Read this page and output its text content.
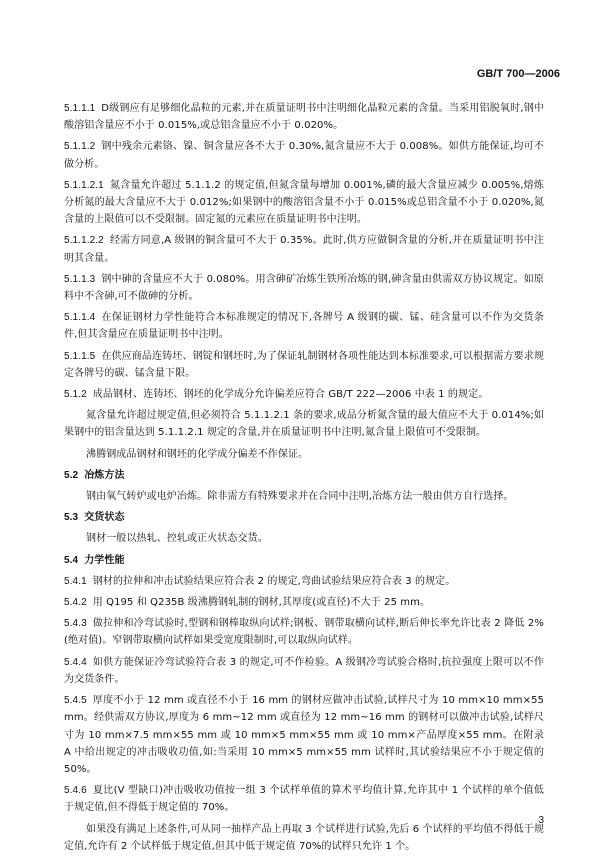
GB/T 700—2006
5.1.1.1 D级钢应有足够细化晶粒的元素,并在质量证明书中注明细化晶粒元素的含量。当采用铝脱氧时,钢中酸溶铝含量应不小于 0.015%,或总铝含量应不小于 0.020%。
5.1.1.2 钢中残余元素铬、镍、铜含量应各不大于 0.30%,氮含量应不大于 0.008%。如供方能保证,均可不做分析。
5.1.1.2.1 氮含量允许超过 5.1.1.2 的规定值,但氮含量每增加 0.001%,磷的最大含量应减少 0.005%,熔炼分析氮的最大含量应不大于 0.012%;如果钢中的酸溶铝含量不小于 0.015%或总铝含量不小于 0.020%,氮含量的上限值可以不受限制。固定氮的元素应在质量证明书中注明。
5.1.1.2.2 经需方同意,A 级钢的铜含量可不大于 0.35%。此时,供方应做铜含量的分析,并在质量证明书中注明其含量。
5.1.1.3 钢中砷的含量应不大于 0.080%。用含砷矿冶炼生铁所冶炼的钢,砷含量由供需双方协议规定。如原料中不含砷,可不做砷的分析。
5.1.1.4 在保证钢材力学性能符合本标准规定的情况下,各牌号 A 级钢的碳、锰、硅含量可以不作为交货条件,但其含量应在质量证明书中注明。
5.1.1.5 在供应商品连铸坯、钢锭和钢坯时,为了保证轧制钢材各项性能达到本标准要求,可以根据需方要求规定各牌号的碳、锰含量下限。
5.1.2 成品钢材、连铸坯、钢坯的化学成分允许偏差应符合 GB/T 222—2006 中表 1 的规定。
氮含量允许超过规定值,但必须符合 5.1.1.2.1 条的要求,成品分析氮含量的最大值应不大于 0.014%;如果钢中的铝含量达到 5.1.1.2.1 规定的含量,并在质量证明书中注明,氮含量上限值可不受限制。
沸腾钢成品钢材和钢坯的化学成分偏差不作保证。
5.2 冶炼方法
钢由氧气转炉或电炉冶炼。除非需方有特殊要求并在合同中注明,冶炼方法一般由供方自行选择。
5.3 交货状态
钢材一般以热轧、控轧或正火状态交货。
5.4 力学性能
5.4.1 钢材的拉伸和冲击试验结果应符合表 2 的规定,弯曲试验结果应符合表 3 的规定。
5.4.2 用 Q195 和 Q235B 级沸腾钢轧制的钢材,其厚度(或直径)不大于 25 mm。
5.4.3 做拉伸和冷弯试验时,型钢和钢棒取纵向试样;钢板、钢带取横向试样,断后伸长率允许比表 2 降低 2%(绝对值)。窄钢带取横向试样如果受宽度限制时,可以取纵向试样。
5.4.4 如供方能保证冷弯试验符合表 3 的规定,可不作检验。A 级钢冷弯试验合格时,抗拉强度上限可以不作为交货条件。
5.4.5 厚度不小于 12 mm 或直径不小于 16 mm 的钢材应做冲击试验,试样尺寸为 10 mm×10 mm×55 mm。经供需双方协议,厚度为 6 mm~12 mm 或直径为 12 mm~16 mm 的钢材可以做冲击试验,试样尺寸为 10 mm×7.5 mm×55 mm 或 10 mm×5 mm×55 mm 或 10 mm×产品厚度×55 mm。在附录 A 中给出规定的冲击吸收功值,如:当采用 10 mm×5 mm×55 mm 试样时,其试验结果应不小于规定值的 50%。
5.4.6 夏比(V 型缺口)冲击吸收功值按一组 3 个试样单值的算术平均值计算,允许其中 1 个试样的单个值低于规定值,但不得低于规定值的 70%。
如果没有满足上述条件,可从同一抽样产品上再取 3 个试样进行试验,先后 6 个试样的平均值不得低于规定值,允许有 2 个试样低于规定值,但其中低于规定值 70%的试样只允许 1 个。
3
